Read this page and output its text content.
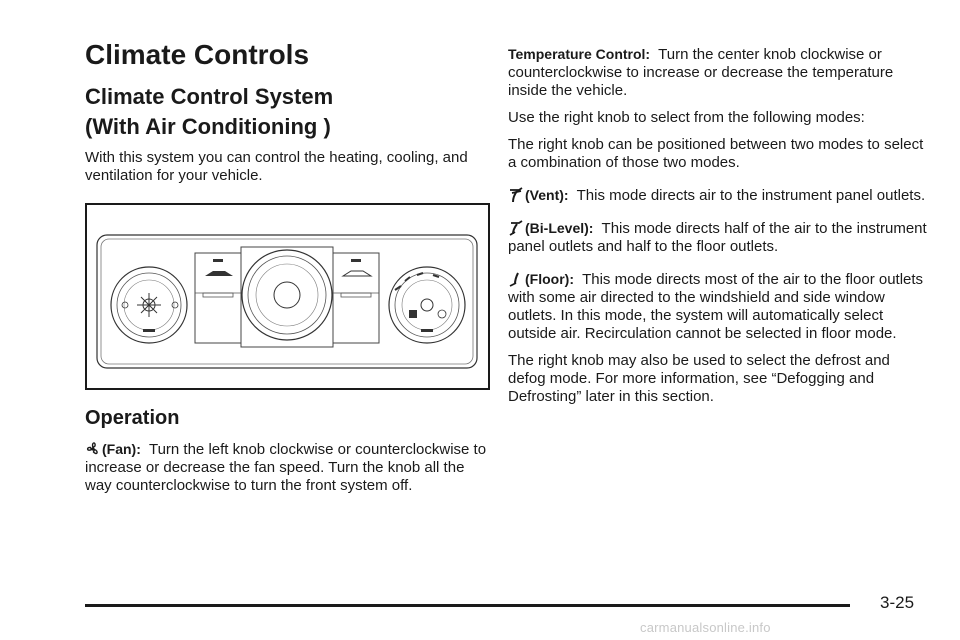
Climate Controls
Climate Control System
(With Air Conditioning )

With this system you can control the heating, cooling, and ventilation for your vehicle.

Operation

(Fan): Turn the left knob clockwise or counterclockwise to increase or decrease the fan speed. Turn the knob all the way counterclockwise to turn the front system off.

Temperature Control: Turn the center knob clockwise or counterclockwise to increase or decrease the temperature inside the vehicle.

Use the right knob to select from the following modes:

The right knob can be positioned between two modes to select a combination of those two modes.

(Vent): This mode directs air to the instrument panel outlets.

(Bi-Level): This mode directs half of the air to the instrument panel outlets and half to the floor outlets.

(Floor): This mode directs most of the air to the floor outlets with some air directed to the windshield and side window outlets. In this mode, the system will automatically select outside air. Recirculation cannot be selected in floor mode.

The right knob may also be used to select the defrost and defog mode. For more information, see “Defogging and Defrosting” later in this section.

3-25
carmanualsonline.info
